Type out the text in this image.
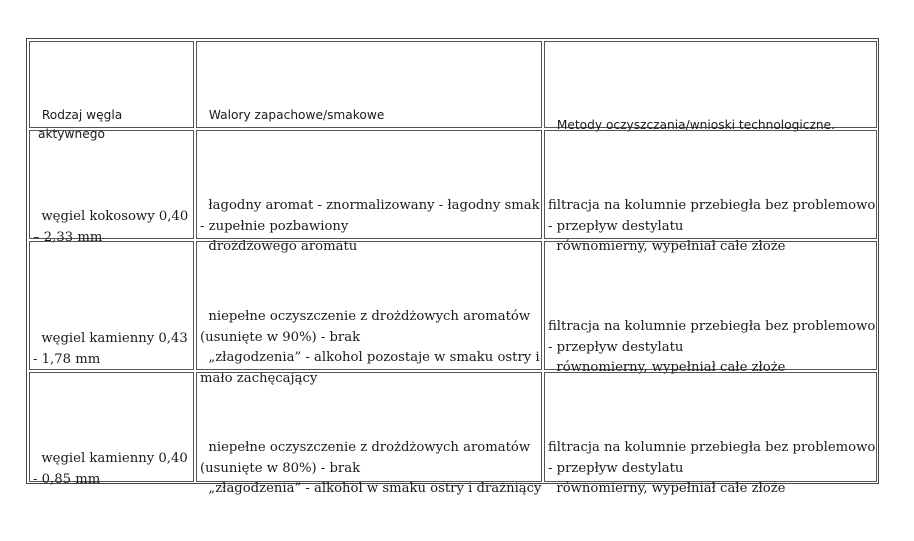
Rodzaj węgla
aktywnego

Walory zapachowe/smakowe

Metody oczyszczania/wnioski technologiczne.

węgiel kokosowy 0,40
– 2,33 mm

łagodny aromat - znormalizowany - łagodny smak
- zupełnie pozbawiony
drożdżowego aromatu

filtracja na kolumnie przebiegła bez problemowo
- przepływ destylatu
równomierny, wypełniał całe złoże

węgiel kamienny 0,43
- 1,78 mm

niepełne oczyszczenie z drożdżowych aromatów
(usunięte w 90%) - brak
„złagodzenia” - alkohol pozostaje w smaku ostry i
mało zachęcający

filtracja na kolumnie przebiegła bez problemowo
- przepływ destylatu
równomierny, wypełniał całe złoże

węgiel kamienny 0,40
- 0,85 mm

niepełne oczyszczenie z drożdżowych aromatów
(usunięte w 80%) - brak
„złagodzenia” - alkohol w smaku ostry i drażniący

filtracja na kolumnie przebiegła bez problemowo
- przepływ destylatu
równomierny, wypełniał całe złoże
